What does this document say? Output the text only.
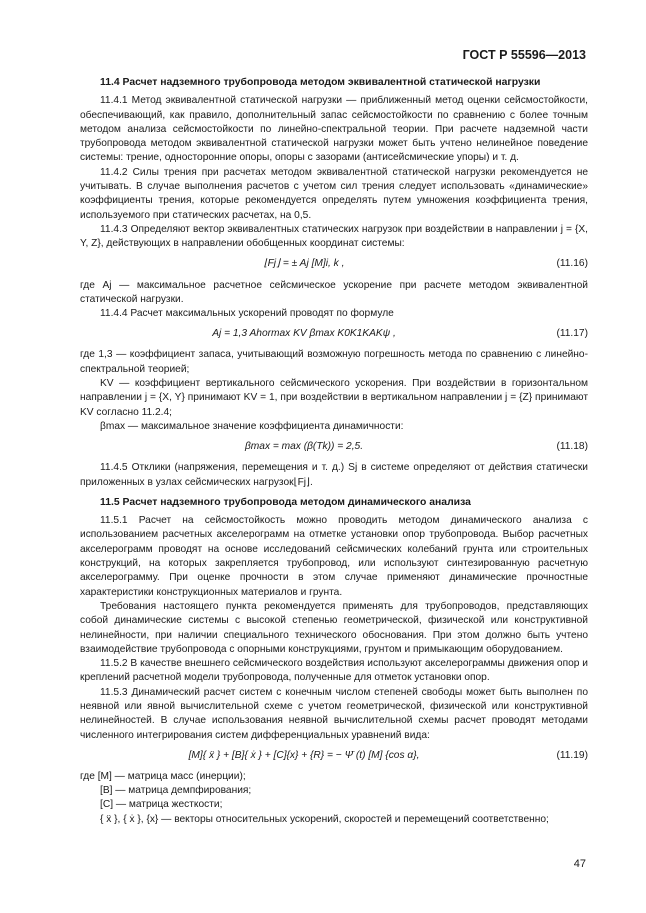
ГОСТ Р 55596—2013
11.4 Расчет надземного трубопровода методом эквивалентной статической нагрузки

11.4.1 Метод эквивалентной статической нагрузки — приближенный метод оценки сейсмостойкости, обеспечивающий, как правило, дополнительный запас сейсмостойкости по сравнению с более точным методом анализа сейсмостойкости по линейно-спектральной теории. При расчете надземной части трубопровода методом эквивалентной статической нагрузки может быть учтено нелинейное поведение системы: трение, односторонние опоры, опоры с зазорами (антисейсмические упоры) и т. д.

11.4.2 Силы трения при расчетах методом эквивалентной статической нагрузки рекомендуется не учитывать. В случае выполнения расчетов с учетом сил трения следует использовать «динамические» коэффициенты трения, которые рекомендуется определять путем умножения коэффициента трения, используемого при статических расчетах, на 0,5.

11.4.3 Определяют вектор эквивалентных статических нагрузок при воздействии в направлении j = {X, Y, Z}, действующих в направлении обобщенных координат системы:

⌊Fj⌋ = ± Aj [M]i, k ,	(11.16)

где Aj — максимальное расчетное сейсмическое ускорение при расчете методом эквивалентной статической нагрузки.

11.4.4 Расчет максимальных ускорений проводят по формуле

Aj = 1,3 Ahormax KV βmax K0K1KAKψ ,	(11.17)

где 1,3 — коэффициент запаса, учитывающий возможную погрешность метода по сравнению с линейно-спектральной теорией;

KV — коэффициент вертикального сейсмического ускорения. При воздействии в горизонтальном направлении j = {X, Y} принимают KV = 1, при воздействии в вертикальном направлении j = {Z} принимают KV согласно 11.2.4;

βmax — максимальное значение коэффициента динамичности:

βmax = max (β(Tk)) = 2,5.	(11.18)

11.4.5 Отклики (напряжения, перемещения и т. д.) Sj в системе определяют от действия статически приложенных в узлах сейсмических нагрузок⌊Fj⌋.

11.5 Расчет надземного трубопровода методом динамического анализа

11.5.1 Расчет на сейсмостойкость можно проводить методом динамического анализа с использованием расчетных акселерограмм на отметке установки опор трубопровода. Выбор расчетных акселерограмм проводят на основе исследований сейсмических колебаний грунта или строительных конструкций, на которых закрепляется трубопровод, или используют синтезированную расчетную акселерограмму. При оценке прочности в этом случае применяют динамические прочностные характеристики конструкционных материалов и грунта.

Требования настоящего пункта рекомендуется применять для трубопроводов, представляющих собой динамические системы с высокой степенью геометрической, физической или конструктивной нелинейности, при наличии специального технического обоснования. При этом должно быть учтено взаимодействие трубопровода с опорными конструкциями, грунтом и примыкающим оборудованием.

11.5.2 В качестве внешнего сейсмического воздействия используют акселерограммы движения опор и креплений расчетной модели трубопровода, полученные для отметок установки опор.

11.5.3 Динамический расчет систем с конечным числом степеней свободы может быть выполнен по неявной или явной вычислительной схеме с учетом геометрической, физической или конструктивной нелинейностей. В случае использования неявной вычислительной схемы расчет проводят методами численного интегрирования систем дифференциальных уравнений вида:

[M]{ ẍ } + [B]{ ẋ } + [C]{x} + {R} = − Ψ̈ (t) [M] {cos α},	(11.19)

где [M] — матрица масс (инерции);

[B] — матрица демпфирования;

[C] — матрица жесткости;

{ ẍ }, { ẋ }, {x} — векторы относительных ускорений, скоростей и перемещений соответственно;

47
